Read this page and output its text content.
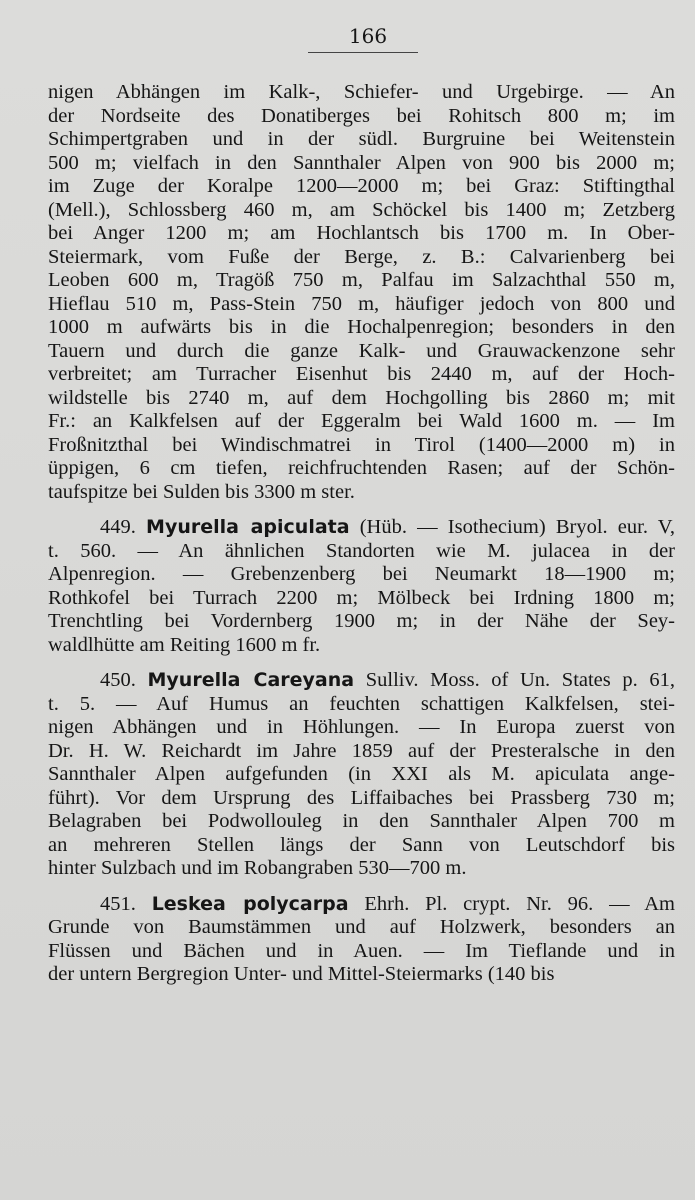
166
nigen Abhängen im Kalk-, Schiefer- und Urgebirge. — An
der Nordseite des Donatiberges bei Rohitsch 800 m; im
Schimpertgraben und in der südl. Burgruine bei Weitenstein
500 m; vielfach in den Sannthaler Alpen von 900 bis 2000 m;
im Zuge der Koralpe 1200—2000 m; bei Graz: Stiftingthal
(Mell.), Schlossberg 460 m, am Schöckel bis 1400 m; Zetzberg
bei Anger 1200 m; am Hochlantsch bis 1700 m. In Ober-
Steiermark, vom Fuße der Berge, z. B.: Calvarienberg bei
Leoben 600 m, Tragöß 750 m, Palfau im Salzachthal 550 m,
Hieflau 510 m, Pass-Stein 750 m, häufiger jedoch von 800 und
1000 m aufwärts bis in die Hochalpenregion; besonders in den
Tauern und durch die ganze Kalk- und Grauwackenzone sehr
verbreitet; am Turracher Eisenhut bis 2440 m, auf der Hoch-
wildstelle bis 2740 m, auf dem Hochgolling bis 2860 m; mit
Fr.: an Kalkfelsen auf der Eggeralm bei Wald 1600 m. — Im
Froßnitzthal bei Windischmatrei in Tirol (1400—2000 m) in
üppigen, 6 cm tiefen, reichfruchtenden Rasen; auf der Schön-
taufspitze bei Sulden bis 3300 m ster.
449. Myurella apiculata (Hüb. — Isothecium) Bryol. eur. V,
t. 560. — An ähnlichen Standorten wie M. julacea in der
Alpenregion. — Grebenzenberg bei Neumarkt 18—1900 m;
Rothkofel bei Turrach 2200 m; Mölbeck bei Irdning 1800 m;
Trenchtling bei Vordernberg 1900 m; in der Nähe der Sey-
waldlhütte am Reiting 1600 m fr.
450. Myurella Careyana Sulliv. Moss. of Un. States p. 61,
t. 5. — Auf Humus an feuchten schattigen Kalkfelsen, stei-
nigen Abhängen und in Höhlungen. — In Europa zuerst von
Dr. H. W. Reichardt im Jahre 1859 auf der Presteralsche in den
Sannthaler Alpen aufgefunden (in XXI als M. apiculata ange-
führt). Vor dem Ursprung des Liffaibaches bei Prassberg 730 m;
Belagraben bei Podwollouleg in den Sannthaler Alpen 700 m
an mehreren Stellen längs der Sann von Leutschdorf bis
hinter Sulzbach und im Robangraben 530—700 m.
451. Leskea polycarpa Ehrh. Pl. crypt. Nr. 96. — Am
Grunde von Baumstämmen und auf Holzwerk, besonders an
Flüssen und Bächen und in Auen. — Im Tieflande und in
der untern Bergregion Unter- und Mittel-Steiermarks (140 bis
